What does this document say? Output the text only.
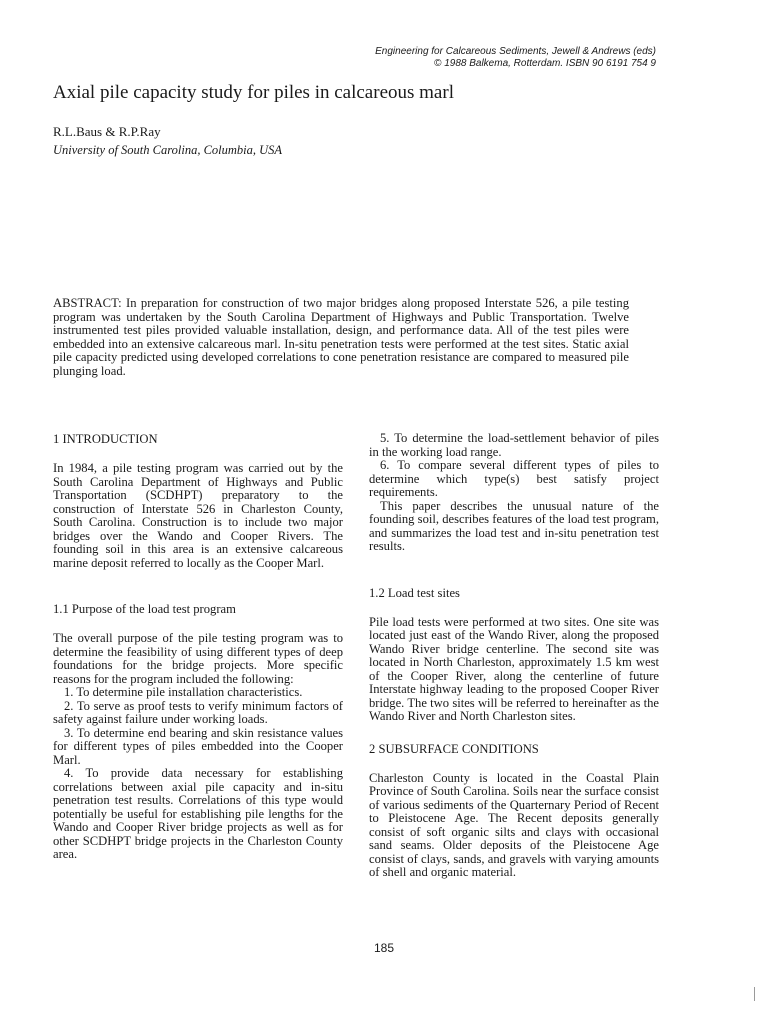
Engineering for Calcareous Sediments, Jewell & Andrews (eds)
© 1988 Balkema, Rotterdam. ISBN 90 6191 754 9
Axial pile capacity study for piles in calcareous marl
R.L.Baus & R.P.Ray
University of South Carolina, Columbia, USA

ABSTRACT: In preparation for construction of two major bridges along proposed Interstate 526, a pile testing program was undertaken by the South Carolina Department of Highways and Public Transportation. Twelve instrumented test piles provided valuable installation, design, and performance data. All of the test piles were embedded into an extensive calcareous marl. In-situ penetration tests were performed at the test sites. Static axial pile capacity predicted using developed correlations to cone penetration resistance are compared to measured pile plunging load.

1 INTRODUCTION

In 1984, a pile testing program was carried out by the South Carolina Department of Highways and Public Transportation (SCDHPT) preparatory to the construction of Interstate 526 in Charleston County, South Carolina. Construction is to include two major bridges over the Wando and Cooper Rivers. The founding soil in this area is an extensive calcareous marine deposit referred to locally as the Cooper Marl.

1.1 Purpose of the load test program

The overall purpose of the pile testing program was to determine the feasibility of using different types of deep foundations for the bridge projects. More specific reasons for the program included the following:

1. To determine pile installation characteristics.

2. To serve as proof tests to verify minimum factors of safety against failure under working loads.

3. To determine end bearing and skin resistance values for different types of piles embedded into the Cooper Marl.

4. To provide data necessary for establishing correlations between axial pile capacity and in-situ penetration test results. Correlations of this type would potentially be useful for establishing pile lengths for the Wando and Cooper River bridge projects as well as for other SCDHPT bridge projects in the Charleston County area.

5. To determine the load-settlement behavior of piles in the working load range.

6. To compare several different types of piles to determine which type(s) best satisfy project requirements.

This paper describes the unusual nature of the founding soil, describes features of the load test program, and summarizes the load test and in-situ penetration test results.

1.2 Load test sites

Pile load tests were performed at two sites. One site was located just east of the Wando River, along the proposed Wando River bridge centerline. The second site was located in North Charleston, approximately 1.5 km west of the Cooper River, along the centerline of future Interstate highway leading to the proposed Cooper River bridge. The two sites will be referred to hereinafter as the Wando River and North Charleston sites.

2 SUBSURFACE CONDITIONS

Charleston County is located in the Coastal Plain Province of South Carolina. Soils near the surface consist of various sediments of the Quarternary Period of Recent to Pleistocene Age. The Recent deposits generally consist of soft organic silts and clays with occasional sand seams. Older deposits of the Pleistocene Age consist of clays, sands, and gravels with varying amounts of shell and organic material.

185
